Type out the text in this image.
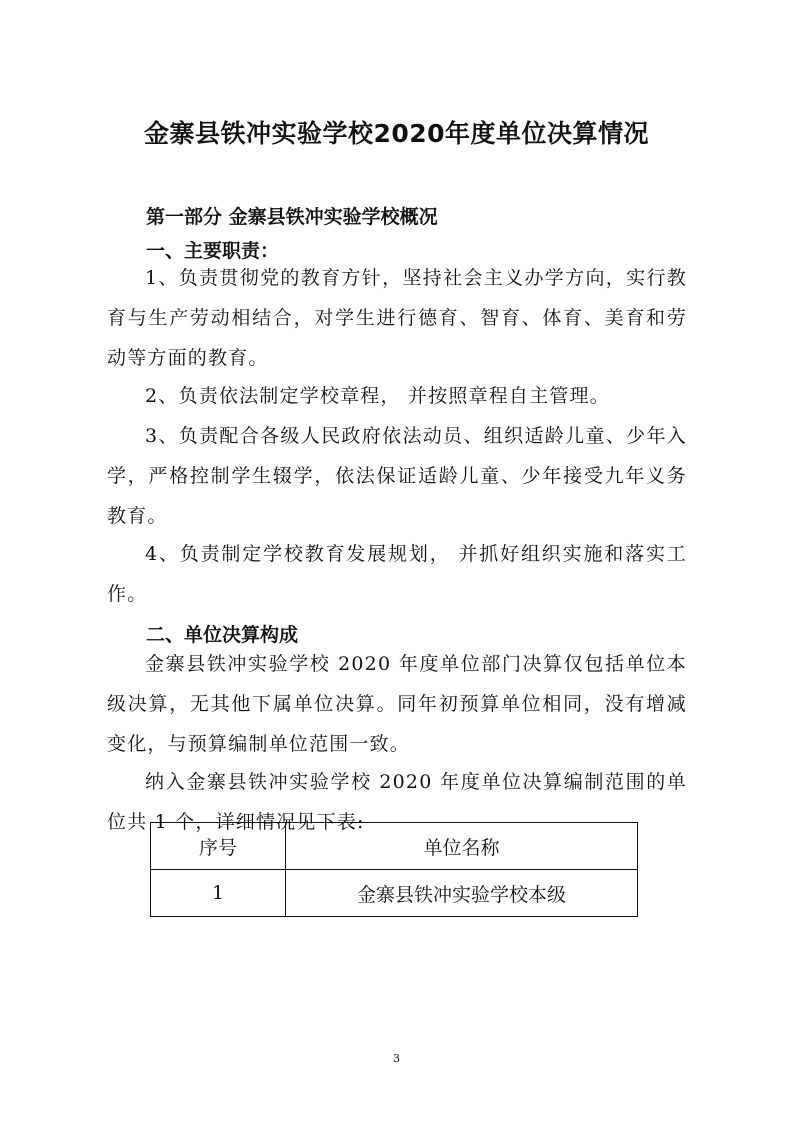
金寨县铁冲实验学校2020年度单位决算情况
第一部分 金寨县铁冲实验学校概况
一、主要职责：
1、负责贯彻党的教育方针，坚持社会主义办学方向，实行教育与生产劳动相结合，对学生进行德育、智育、体育、美育和劳动等方面的教育。
2、负责依法制定学校章程， 并按照章程自主管理。
3、负责配合各级人民政府依法动员、组织适龄儿童、少年入学，严格控制学生辍学，依法保证适龄儿童、少年接受九年义务教育。
4、负责制定学校教育发展规划， 并抓好组织实施和落实工作。
二、单位决算构成
金寨县铁冲实验学校 2020 年度单位部门决算仅包括单位本级决算，无其他下属单位决算。同年初预算单位相同，没有增减变化，与预算编制单位范围一致。
纳入金寨县铁冲实验学校 2020 年度单位决算编制范围的单位共 1 个，详细情况见下表:
序号	单位名称
1	金寨县铁冲实验学校本级
3
